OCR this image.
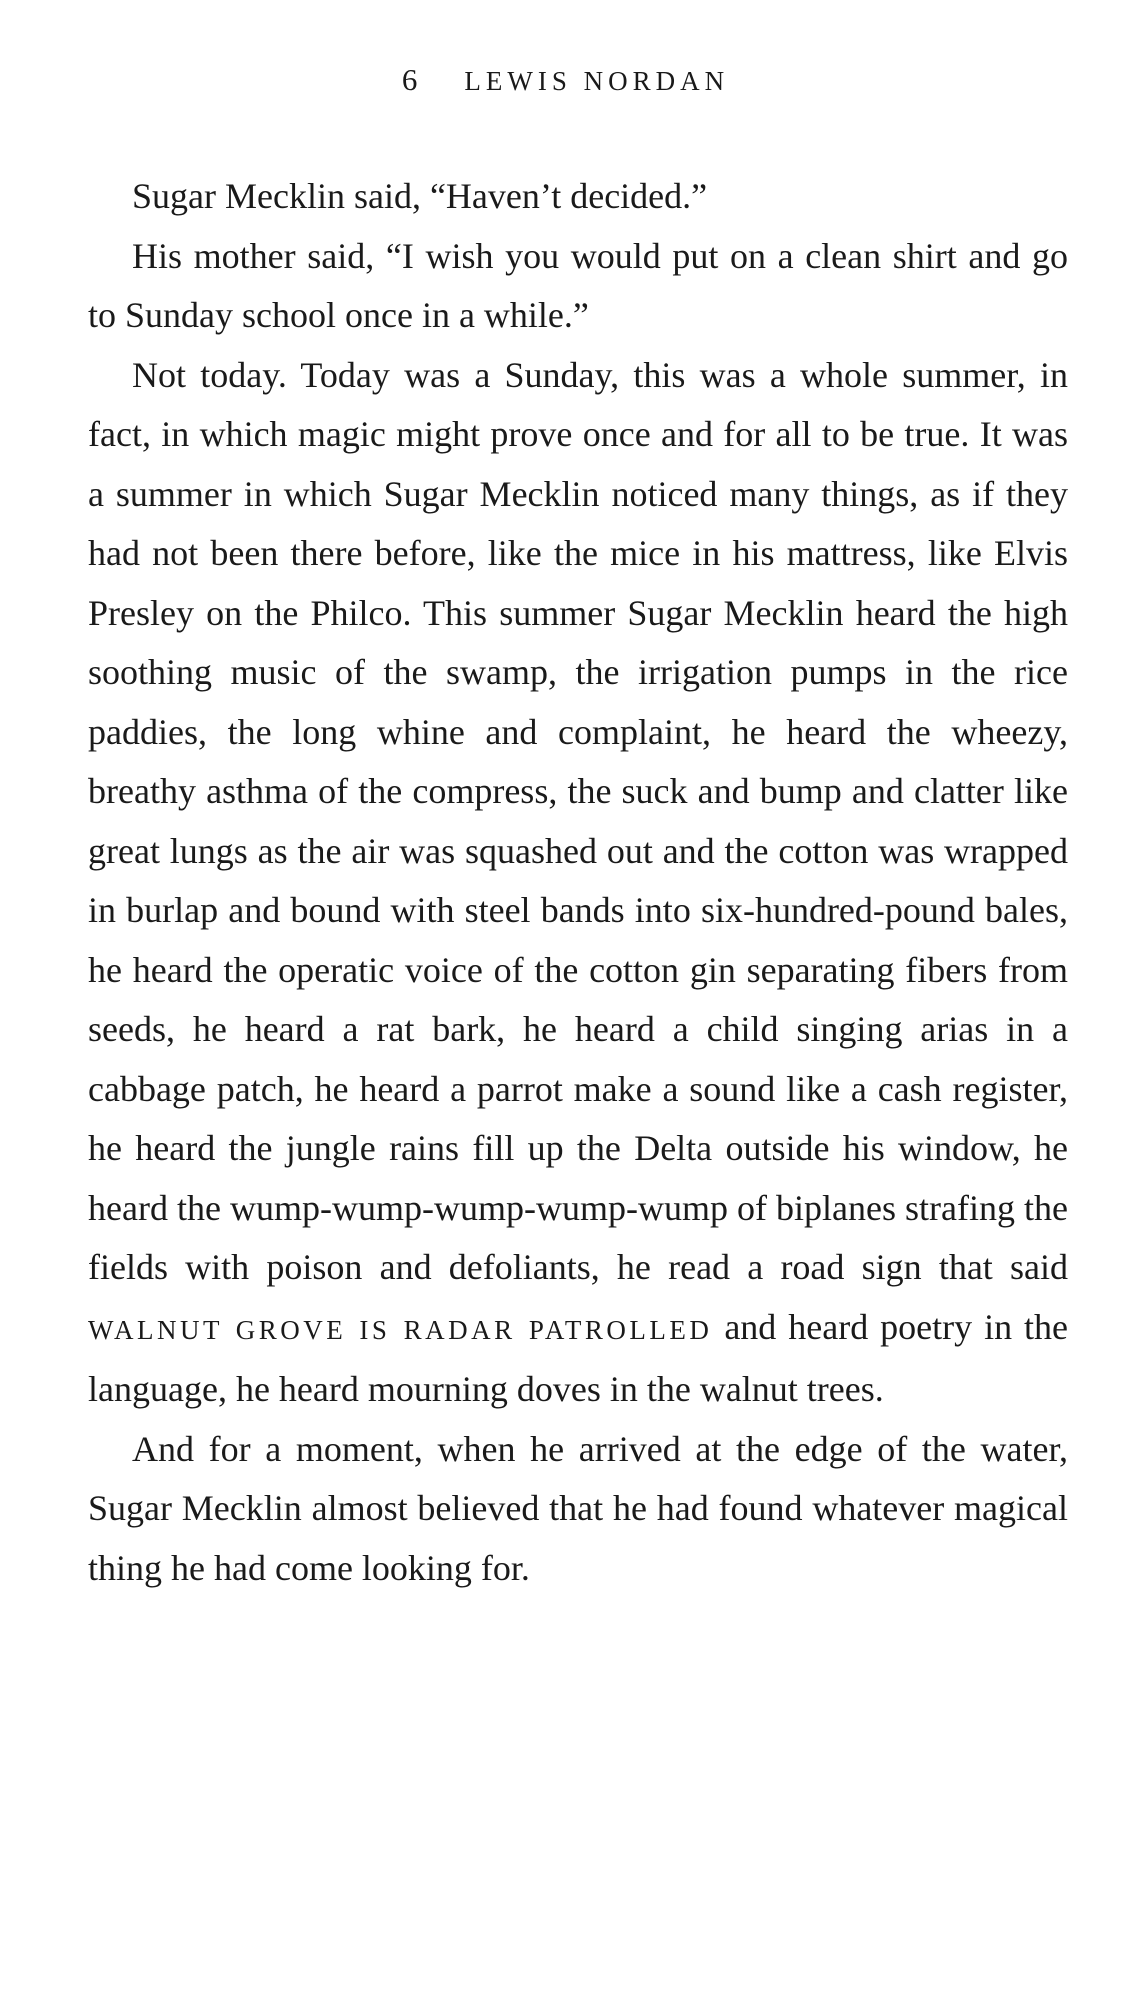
6 LEWIS NORDAN

Sugar Mecklin said, “Haven’t decided.”

His mother said, “I wish you would put on a clean shirt and go to Sunday school once in a while.”

Not today. Today was a Sunday, this was a whole summer, in fact, in which magic might prove once and for all to be true. It was a summer in which Sugar Mecklin noticed many things, as if they had not been there before, like the mice in his mattress, like Elvis Presley on the Philco. This summer Sugar Mecklin heard the high soothing music of the swamp, the irrigation pumps in the rice paddies, the long whine and complaint, he heard the wheezy, breathy asthma of the compress, the suck and bump and clatter like great lungs as the air was squashed out and the cotton was wrapped in burlap and bound with steel bands into six-hundred-pound bales, he heard the operatic voice of the cotton gin separating fibers from seeds, he heard a rat bark, he heard a child singing arias in a cabbage patch, he heard a parrot make a sound like a cash register, he heard the jungle rains fill up the Delta outside his window, he heard the wump-wump-wump-wump-wump of biplanes strafing the fields with poison and defoliants, he read a road sign that said WALNUT GROVE IS RADAR PATROLLED and heard poetry in the language, he heard mourning doves in the walnut trees.

And for a moment, when he arrived at the edge of the water, Sugar Mecklin almost believed that he had found whatever magical thing he had come looking for.
